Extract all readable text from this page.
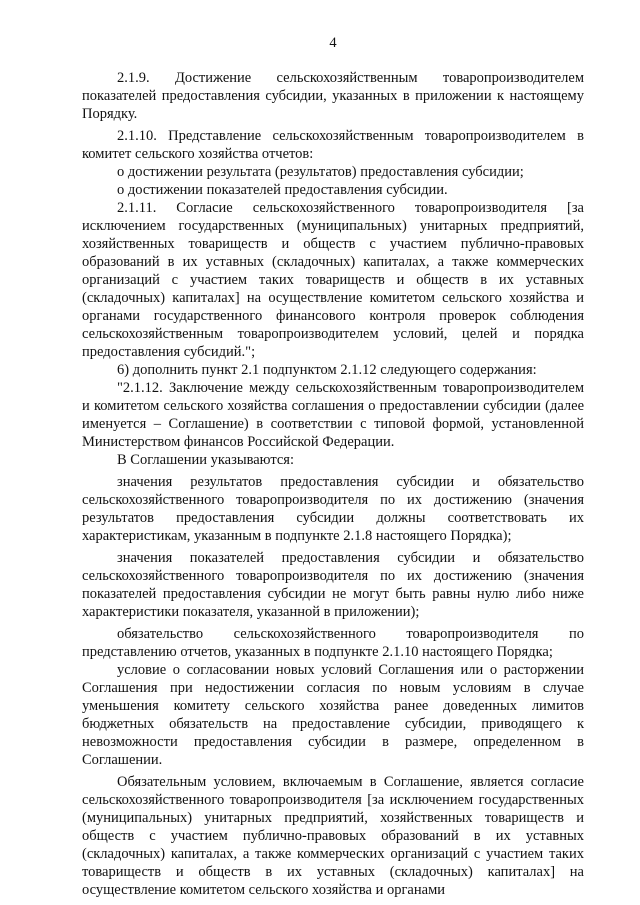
4

2.1.9. Достижение сельскохозяйственным товаропроизводителем показателей предоставления субсидии, указанных в приложении к настоящему Порядку.

2.1.10. Представление сельскохозяйственным товаропроизводителем в комитет сельского хозяйства отчетов:

о достижении результата (результатов) предоставления субсидии;

о достижении показателей предоставления субсидии.

2.1.11. Согласие сельскохозяйственного товаропроизводителя [за исключением государственных (муниципальных) унитарных предприятий, хозяйственных товариществ и обществ с участием публично-правовых образований в их уставных (складочных) капиталах, а также коммерческих организаций с участием таких товариществ и обществ в их уставных (складочных) капиталах] на осуществление комитетом сельского хозяйства и органами государственного финансового контроля проверок соблюдения сельскохозяйственным товаропроизводителем условий, целей и порядка предоставления субсидий.";

6) дополнить пункт 2.1 подпунктом 2.1.12 следующего содержания:

"2.1.12. Заключение между сельскохозяйственным товаропроизводителем и комитетом сельского хозяйства соглашения о предоставлении субсидии (далее именуется – Соглашение) в соответствии с типовой формой, установленной Министерством финансов Российской Федерации.

В Соглашении указываются:

значения результатов предоставления субсидии и обязательство сельскохозяйственного товаропроизводителя по их достижению (значения результатов предоставления субсидии должны соответствовать их характеристикам, указанным в подпункте 2.1.8 настоящего Порядка);

значения показателей предоставления субсидии и обязательство сельскохозяйственного товаропроизводителя по их достижению (значения показателей предоставления субсидии не могут быть равны нулю либо ниже характеристики показателя, указанной в приложении);

обязательство сельскохозяйственного товаропроизводителя по представлению отчетов, указанных в подпункте 2.1.10 настоящего Порядка;

условие о согласовании новых условий Соглашения или о расторжении Соглашения при недостижении согласия по новым условиям в случае уменьшения комитету сельского хозяйства ранее доведенных лимитов бюджетных обязательств на предоставление субсидии, приводящего к невозможности предоставления субсидии в размере, определенном в Соглашении.

Обязательным условием, включаемым в Соглашение, является согласие сельскохозяйственного товаропроизводителя [за исключением государственных (муниципальных) унитарных предприятий, хозяйственных товариществ и обществ с участием публично-правовых образований в их уставных (складочных) капиталах, а также коммерческих организаций с участием таких товариществ и обществ в их уставных (складочных) капиталах] на осуществление комитетом сельского хозяйства и органами
